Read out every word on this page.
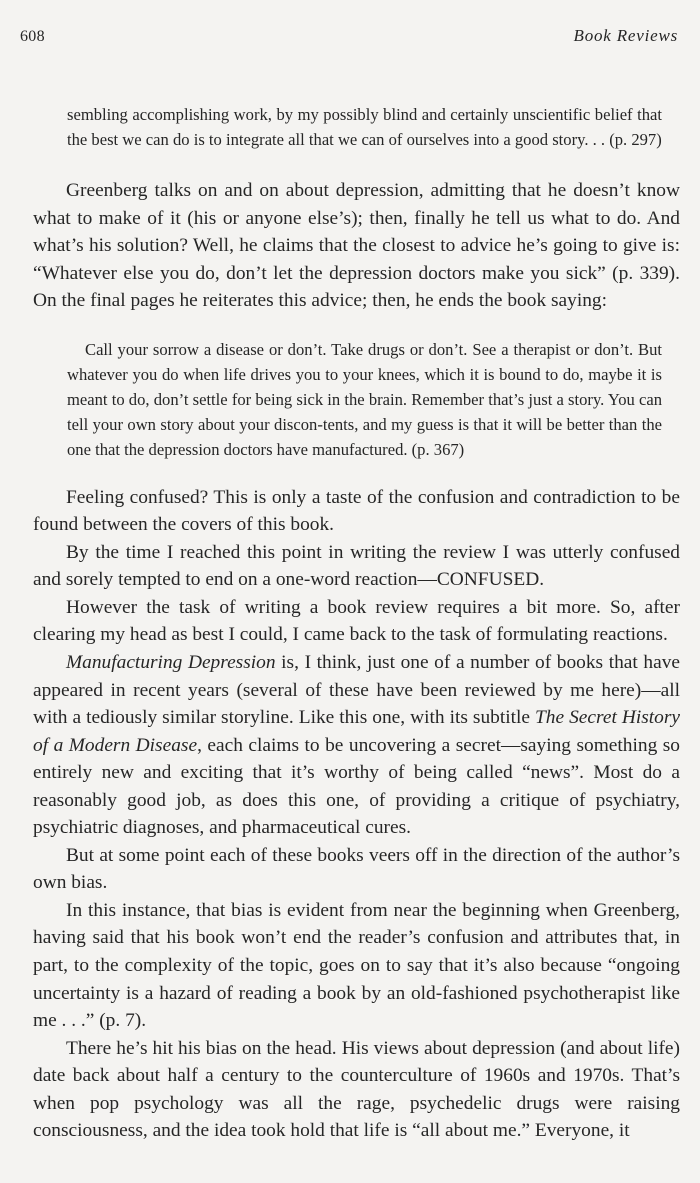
608	Book Reviews
sembling accomplishing work, by my possibly blind and certainly unscientific belief that the best we can do is to integrate all that we can of ourselves into a good story. . . (p. 297)

Greenberg talks on and on about depression, admitting that he doesn’t know what to make of it (his or anyone else’s); then, finally he tell us what to do. And what’s his solution? Well, he claims that the closest to advice he’s going to give is: “Whatever else you do, don’t let the depression doctors make you sick” (p. 339). On the final pages he reiterates this advice; then, he ends the book saying:

Call your sorrow a disease or don’t. Take drugs or don’t. See a therapist or don’t. But whatever you do when life drives you to your knees, which it is bound to do, maybe it is meant to do, don’t settle for being sick in the brain. Remember that’s just a story. You can tell your own story about your discon-tents, and my guess is that it will be better than the one that the depression doctors have manufactured. (p. 367)

Feeling confused? This is only a taste of the confusion and contradiction to be found between the covers of this book.

By the time I reached this point in writing the review I was utterly confused and sorely tempted to end on a one-word reaction—CONFUSED.

However the task of writing a book review requires a bit more. So, after clearing my head as best I could, I came back to the task of formulating reactions.

Manufacturing Depression is, I think, just one of a number of books that have appeared in recent years (several of these have been reviewed by me here)—all with a tediously similar storyline. Like this one, with its subtitle The Secret History of a Modern Disease, each claims to be uncovering a secret—saying something so entirely new and exciting that it’s worthy of being called “news”. Most do a reasonably good job, as does this one, of providing a critique of psychiatry, psychiatric diagnoses, and pharmaceutical cures.

But at some point each of these books veers off in the direction of the author’s own bias.

In this instance, that bias is evident from near the beginning when Greenberg, having said that his book won’t end the reader’s confusion and attributes that, in part, to the complexity of the topic, goes on to say that it’s also because “ongoing uncertainty is a hazard of reading a book by an old-fashioned psychotherapist like me . . .” (p. 7).

There he’s hit his bias on the head. His views about depression (and about life) date back about half a century to the counterculture of 1960s and 1970s. That’s when pop psychology was all the rage, psychedelic drugs were raising consciousness, and the idea took hold that life is “all about me.” Everyone, it
